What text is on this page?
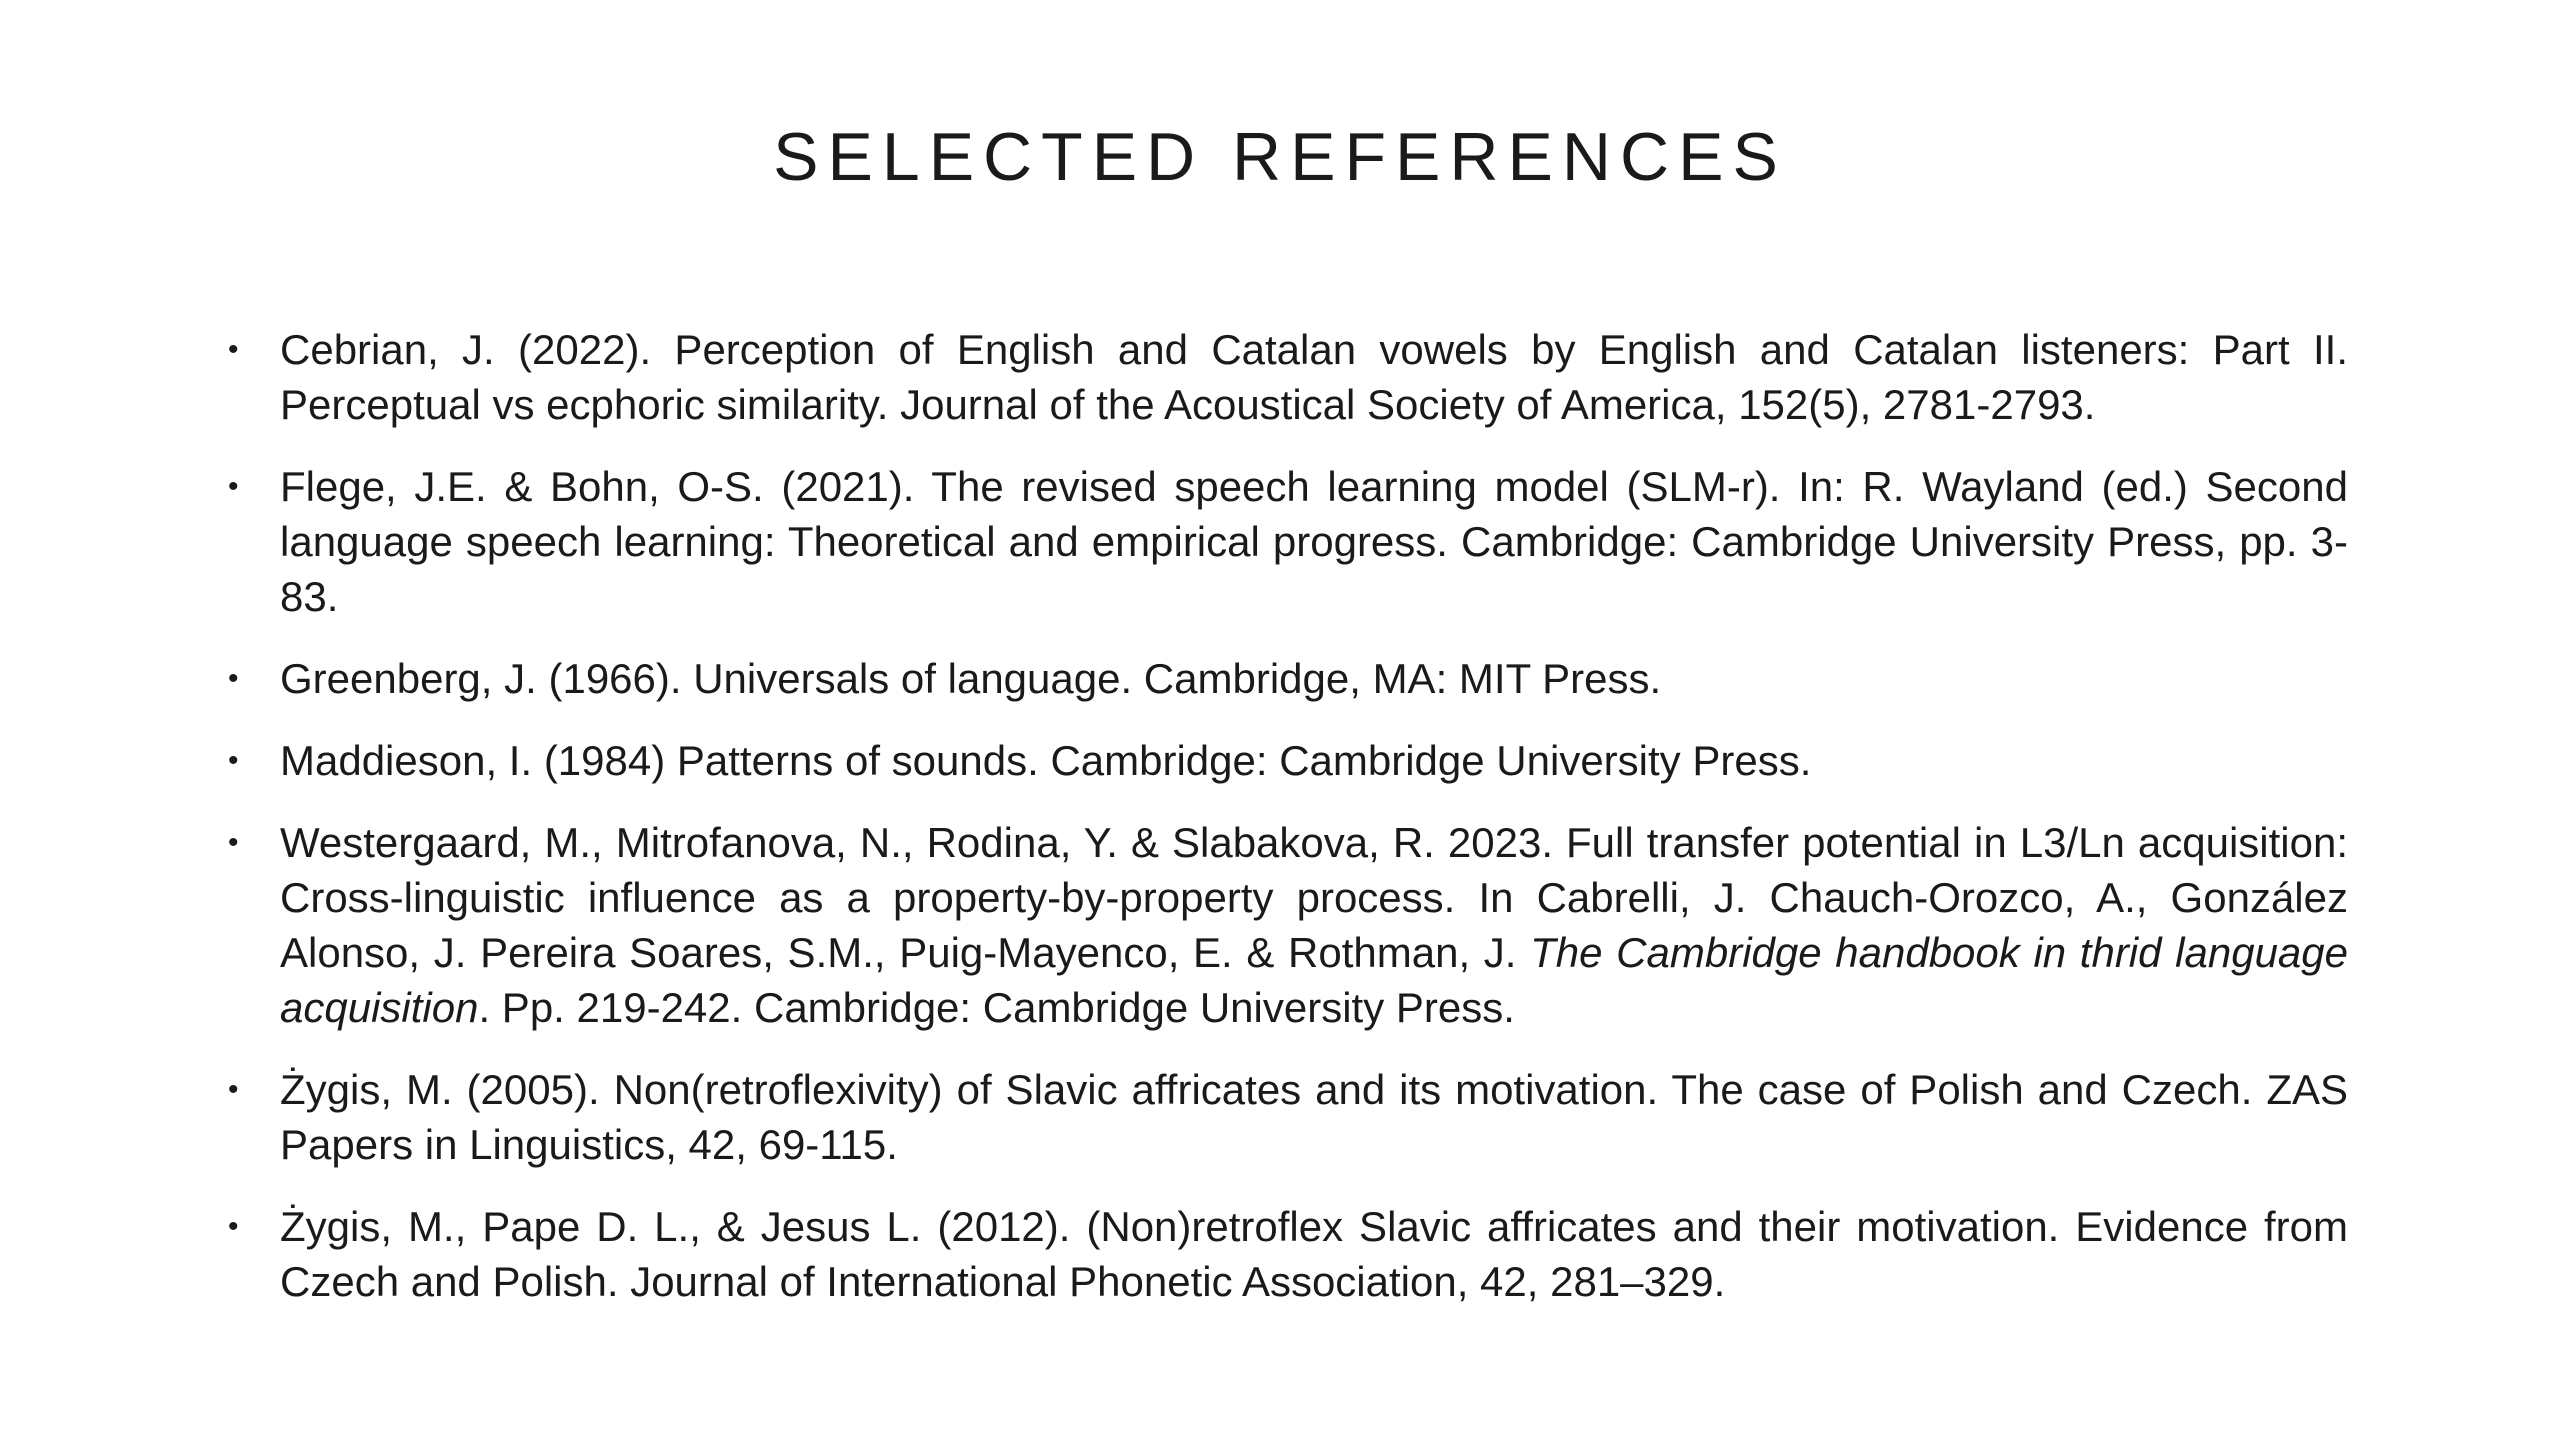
SELECTED REFERENCES
• Cebrian, J. (2022). Perception of English and Catalan vowels by English and Catalan listeners: Part II. Perceptual vs ecphoric similarity. Journal of the Acoustical Society of America, 152(5), 2781-2793.
• Flege, J.E. & Bohn, O-S. (2021). The revised speech learning model (SLM-r). In: R. Wayland (ed.) Second language speech learning: Theoretical and empirical progress. Cambridge: Cambridge University Press, pp. 3-83.
• Greenberg, J. (1966). Universals of language. Cambridge, MA: MIT Press.
• Maddieson, I. (1984) Patterns of sounds. Cambridge: Cambridge University Press.
• Westergaard, M., Mitrofanova, N., Rodina, Y. & Slabakova, R. 2023. Full transfer potential in L3/Ln acquisition: Cross-linguistic influence as a property-by-property process. In Cabrelli, J. Chauch-Orozco, A., González Alonso, J. Pereira Soares, S.M., Puig-Mayenco, E. & Rothman, J. The Cambridge handbook in thrid language acquisition. Pp. 219-242. Cambridge: Cambridge University Press.
• Żygis, M. (2005). Non(retroflexivity) of Slavic affricates and its motivation. The case of Polish and Czech. ZAS Papers in Linguistics, 42, 69-115.
• Żygis, M., Pape D. L., & Jesus L. (2012). (Non)retroflex Slavic affricates and their motivation. Evidence from Czech and Polish. Journal of International Phonetic Association, 42, 281–329.
